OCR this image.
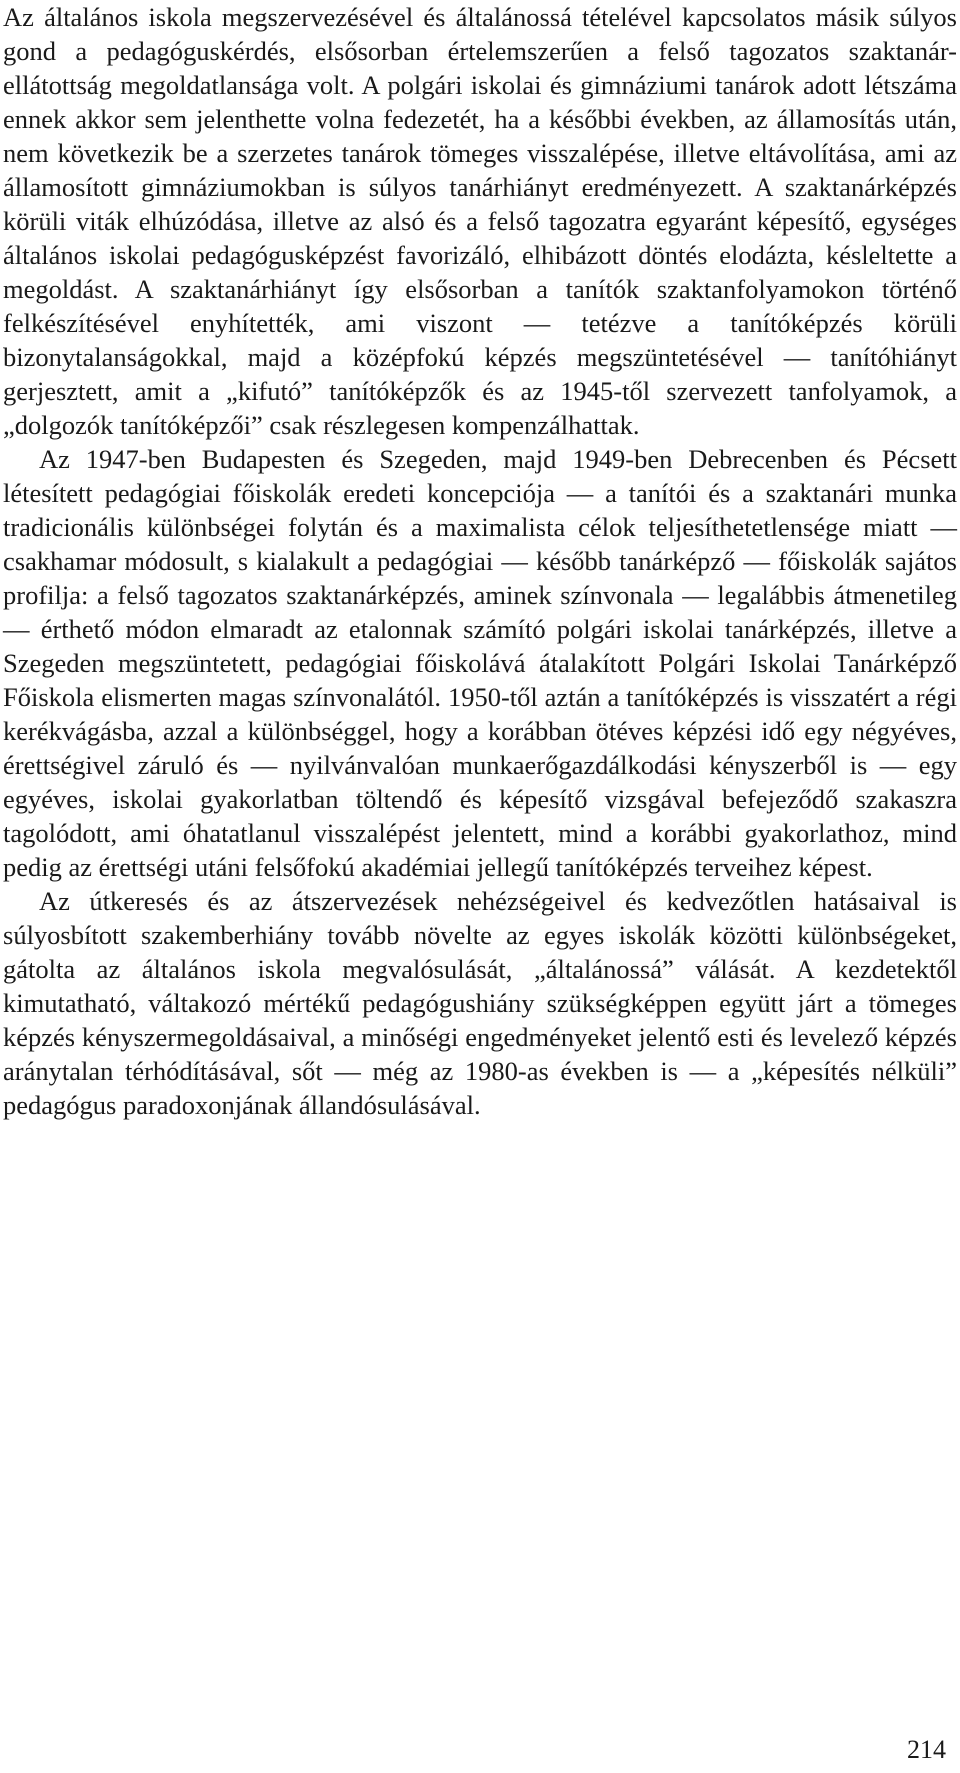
Az általános iskola megszervezésével és általánossá tételével kapcsolatos másik súlyos gond a pedagóguskérdés, elsősorban értelemszerűen a felső tagozatos szaktanár-ellátottság megoldatlansága volt. A polgári iskolai és gimnáziumi tanárok adott létszáma ennek akkor sem jelenthette volna fedezetét, ha a későbbi években, az államosítás után, nem következik be a szerzetes tanárok tömeges visszalépése, illetve eltávolítása, ami az államosított gimnáziumokban is súlyos tanárhiányt eredményezett. A szaktanárképzés körüli viták elhúzódása, illetve az alsó és a felső tagozatra egyaránt képesítő, egységes általános iskolai pedagógusképzést favorizáló, elhibázott döntés elodázta, késleltette a megoldást. A szaktanárhiányt így elsősorban a tanítók szaktanfolyamokon történő felkészítésével enyhítették, ami viszont — tetézve a tanítóképzés körüli bizonytalanságokkal, majd a középfokú képzés megszüntetésével — tanítóhiányt gerjesztett, amit a „kifutó” tanítóképzők és az 1945-től szervezett tanfolyamok, a „dolgozók tanítóképzői” csak részlegesen kompenzálhattak.

Az 1947-ben Budapesten és Szegeden, majd 1949-ben Debrecenben és Pécsett létesített pedagógiai főiskolák eredeti koncepciója — a tanítói és a szaktanári munka tradicionális különbségei folytán és a maximalista célok teljesíthetetlensége miatt — csakhamar módosult, s kialakult a pedagógiai — később tanárképző — főiskolák sajátos profilja: a felső tagozatos szaktanárképzés, aminek színvonala — legalábbis átmenetileg — érthető módon elmaradt az etalonnak számító polgári iskolai tanárképzés, illetve a Szegeden megszüntetett, pedagógiai főiskolává átalakított Polgári Iskolai Tanárképző Főiskola elismerten magas színvonalától. 1950-től aztán a tanítóképzés is visszatért a régi kerékvágásba, azzal a különbséggel, hogy a korábban ötéves képzési idő egy négyéves, érettségivel záruló és — nyilvánvalóan munkaerőgazdálkodási kényszerből is — egy egyéves, iskolai gyakorlatban töltendő és képesítő vizsgával befejeződő szakaszra tagolódott, ami óhatatlanul visszalépést jelentett, mind a korábbi gyakorlathoz, mind pedig az érettségi utáni felsőfokú akadémiai jellegű tanítóképzés terveihez képest.

Az útkeresés és az átszervezések nehézségeivel és kedvezőtlen hatásaival is súlyosbított szakemberhiány tovább növelte az egyes iskolák közötti különbségeket, gátolta az általános iskola megvalósulását, „általánossá” válását. A kezdetektől kimutatható, váltakozó mértékű pedagógushiány szükségképpen együtt járt a tömeges képzés kényszermegoldásaival, a minőségi engedményeket jelentő esti és levelező képzés aránytalan térhódításával, sőt — még az 1980-as években is — a „képesítés nélküli” pedagógus paradoxonjának állandósulásával.

214
